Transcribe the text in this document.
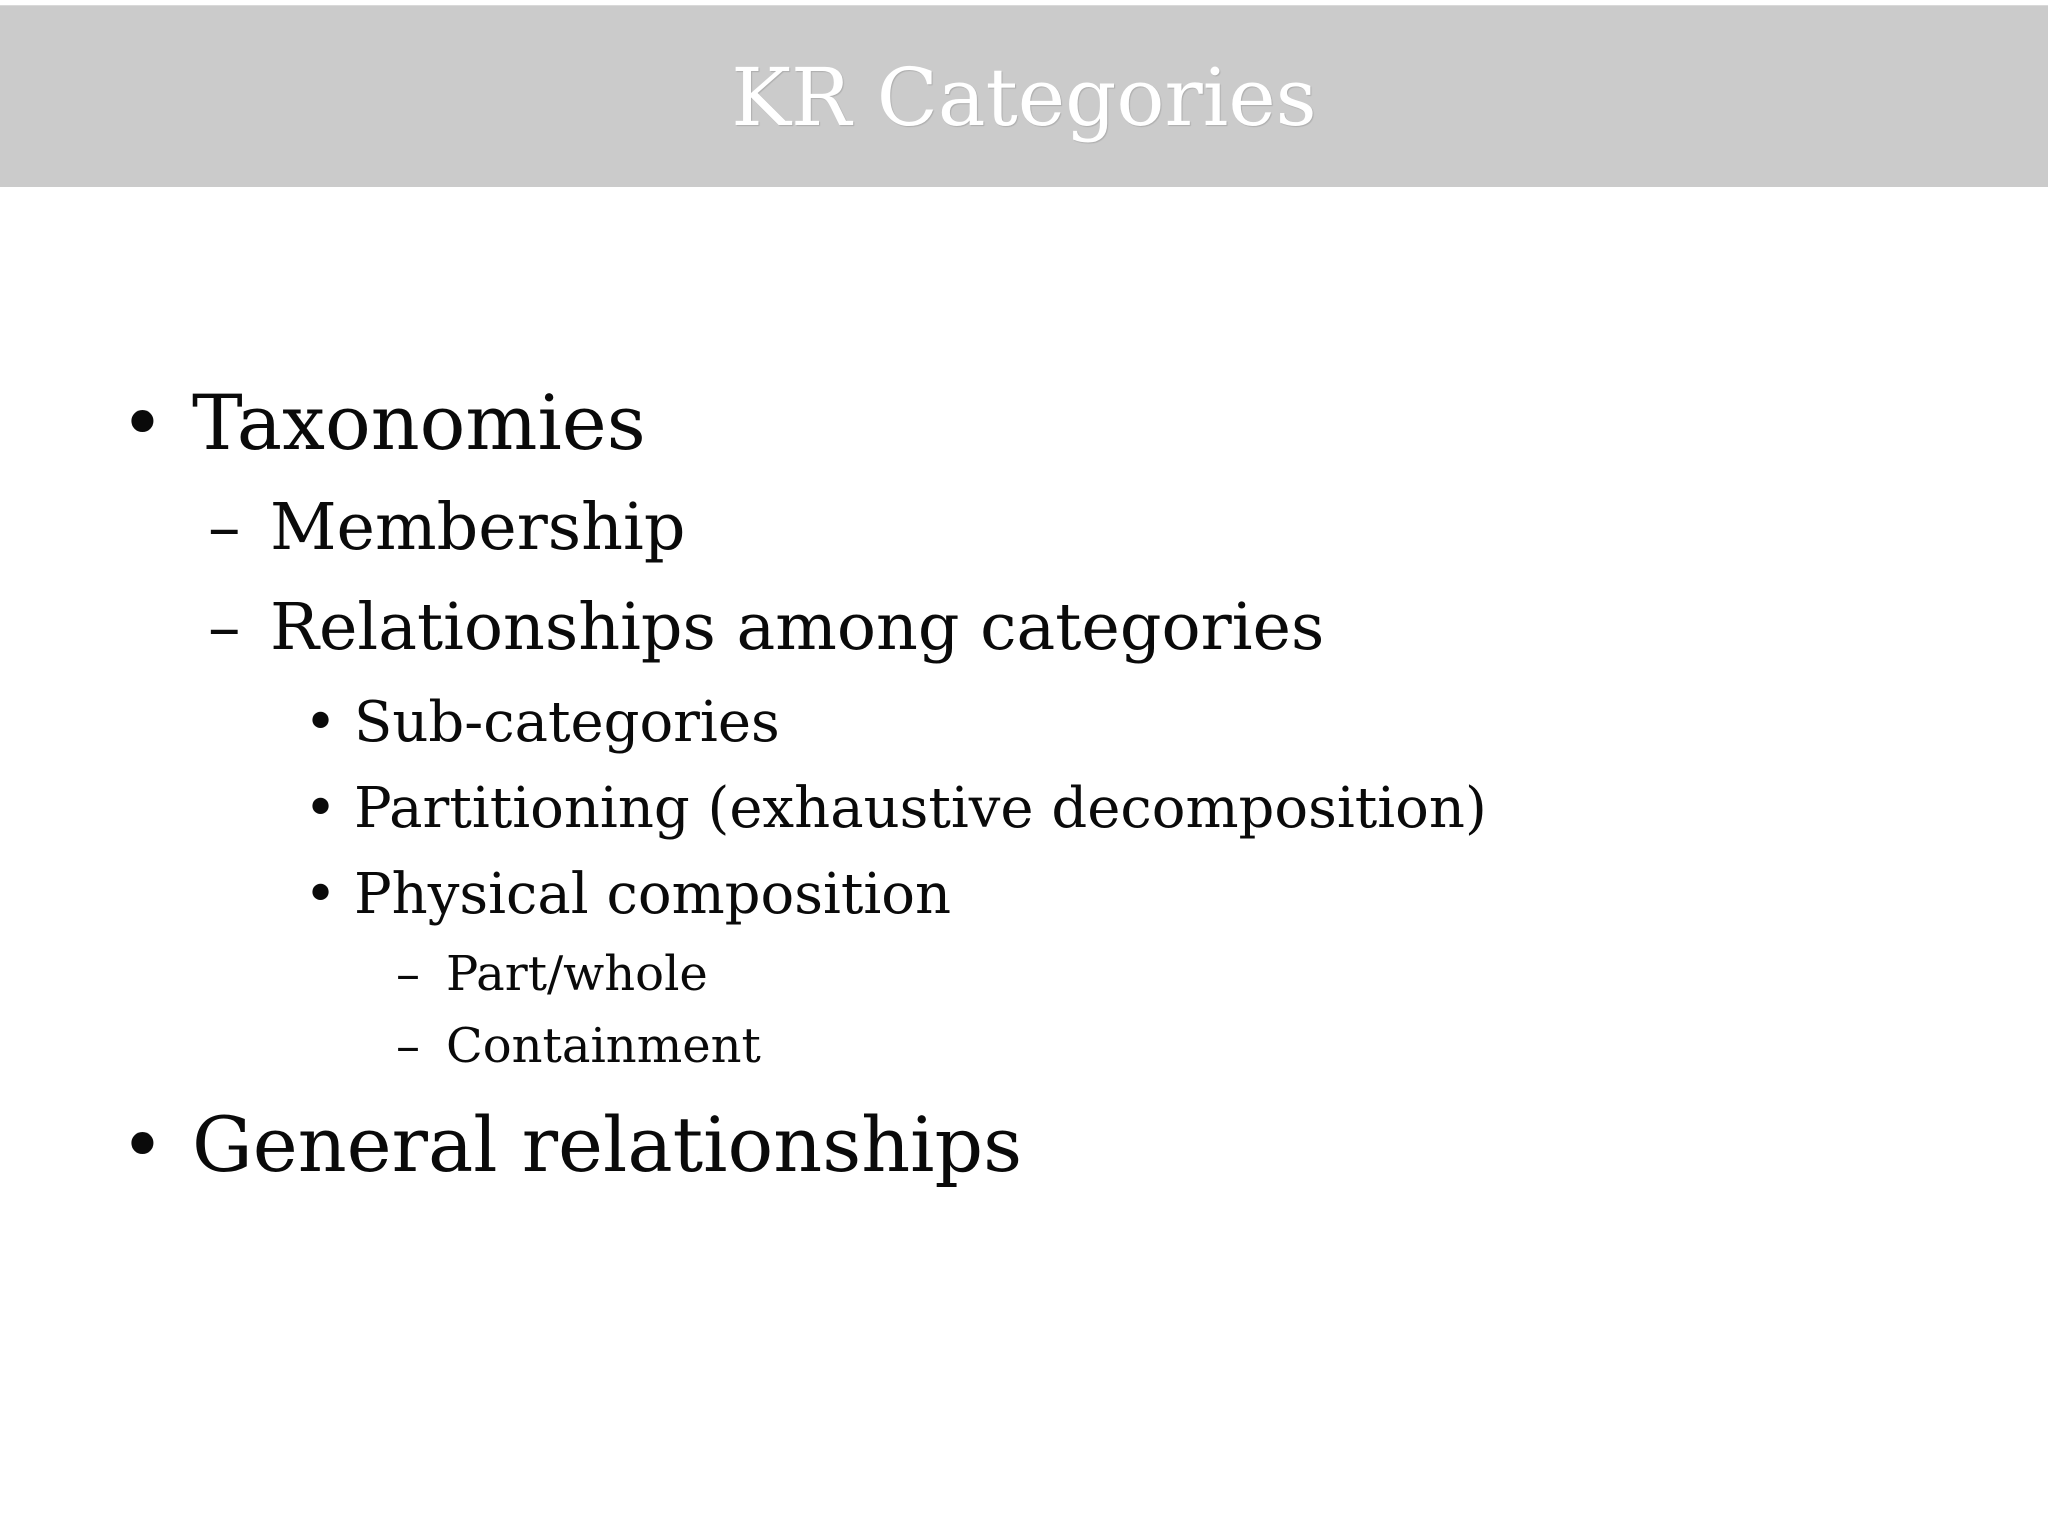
KR Categories
• Taxonomies
– Membership
– Relationships among categories
• Sub-categories
• Partitioning (exhaustive decomposition)
• Physical composition
– Part/whole
– Containment
• General relationships
